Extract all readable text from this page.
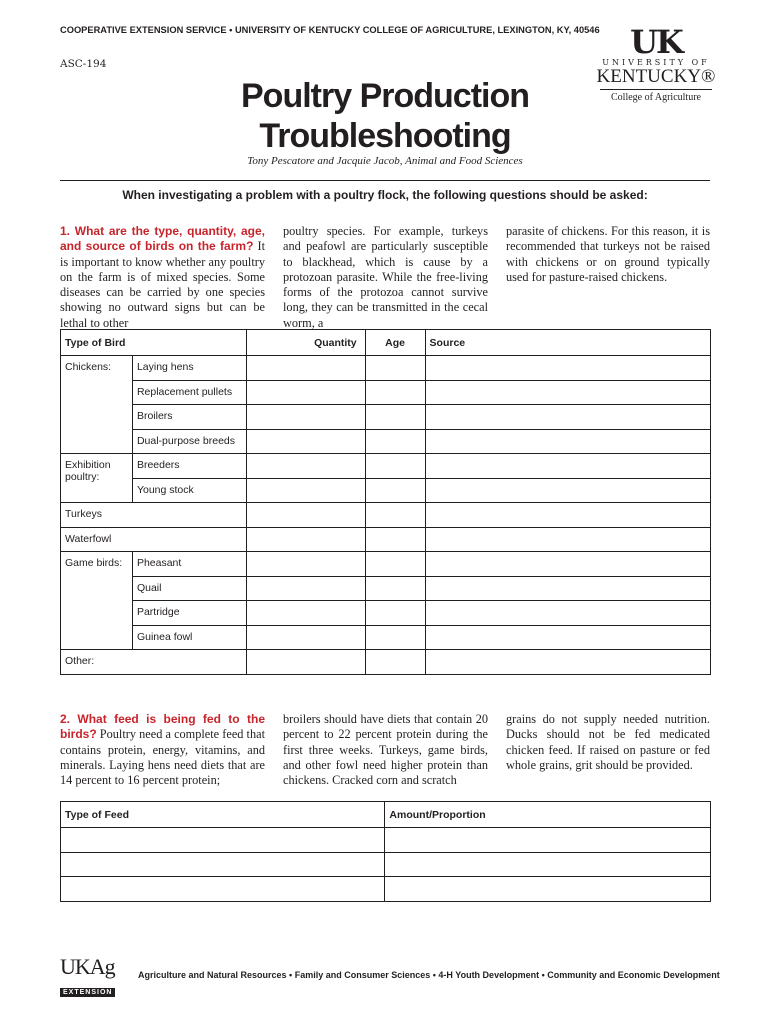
COOPERATIVE EXTENSION SERVICE • UNIVERSITY OF KENTUCKY COLLEGE OF AGRICULTURE, LEXINGTON, KY, 40546
ASC-194
UK
UNIVERSITY OF
KENTUCKY®
College of Agriculture
Poultry Production
Troubleshooting
Tony Pescatore and Jacquie Jacob, Animal and Food Sciences
When investigating a problem with a poultry flock, the following questions should be asked:
1. What are the type, quantity, age, and source of birds on the farm? It is important to know whether any poultry on the farm is of mixed species. Some diseases can be carried by one species showing no outward signs but can be lethal to other
poultry species. For example, turkeys and peafowl are particularly susceptible to blackhead, which is cause by a protozoan parasite. While the free-living forms of the protozoa cannot survive long, they can be transmitted in the cecal worm, a
parasite of chickens. For this reason, it is recommended that turkeys not be raised with chickens or on ground typically used for pasture-raised chickens.
Type of Bird		Quantity	Age	Source
Chickens:	Laying hens			
	Replacement pullets			
	Broilers			
	Dual-purpose breeds			
Exhibition poultry:	Breeders			
	Young stock			
Turkeys				
Waterfowl				
Game birds:	Pheasant			
	Quail			
	Partridge			
	Guinea fowl			
Other:				
2. What feed is being fed to the birds? Poultry need a complete feed that contains protein, energy, vitamins, and minerals. Laying hens need diets that are 14 percent to 16 percent protein;
broilers should have diets that contain 20 percent to 22 percent protein during the first three weeks. Turkeys, game birds, and other fowl need higher protein than chickens. Cracked corn and scratch
grains do not supply needed nutrition. Ducks should not be fed medicated chicken feed. If raised on pasture or fed whole grains, grit should be provided.
Type of Feed	Amount/Proportion

UKAg
EXTENSION
Agriculture and Natural Resources • Family and Consumer Sciences • 4-H Youth Development • Community and Economic Development
